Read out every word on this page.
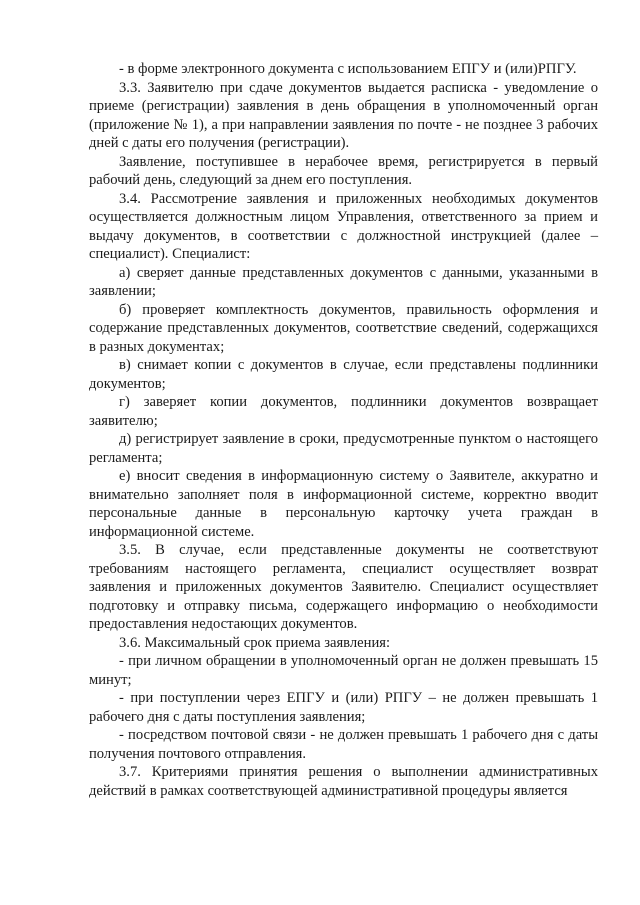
- в форме электронного документа с использованием ЕПГУ и (или)РПГУ.

3.3. Заявителю при сдаче документов выдается расписка - уведомление о приеме (регистрации) заявления в день обращения в уполномоченный орган (приложение № 1), а при направлении заявления по почте - не позднее 3 рабочих дней с даты его получения (регистрации).

Заявление, поступившее в нерабочее время, регистрируется в первый рабочий день, следующий за днем его поступления.

3.4. Рассмотрение заявления и приложенных необходимых документов осуществляется должностным лицом Управления, ответственного за прием и выдачу документов, в соответствии с должностной инструкцией (далее – специалист). Специалист:

а) сверяет данные представленных документов с данными, указанными в заявлении;

б) проверяет комплектность документов, правильность оформления и содержание представленных документов, соответствие сведений, содержащихся в разных документах;

в) снимает копии с документов в случае, если представлены подлинники документов;

г) заверяет копии документов, подлинники документов возвращает заявителю;

д) регистрирует заявление в сроки, предусмотренные пунктом о настоящего регламента;

е) вносит сведения в информационную систему о Заявителе, аккуратно и внимательно заполняет поля в информационной системе, корректно вводит персональные данные в персональную карточку учета граждан в информационной системе.

3.5. В случае, если представленные документы не соответствуют требованиям настоящего регламента, специалист осуществляет возврат заявления и приложенных документов Заявителю. Специалист осуществляет подготовку и отправку письма, содержащего информацию о необходимости предоставления недостающих документов.

3.6. Максимальный срок приема заявления:

- при личном обращении в уполномоченный орган не должен превышать 15 минут;

- при поступлении через ЕПГУ и (или) РПГУ – не должен превышать 1 рабочего дня с даты поступления заявления;

- посредством почтовой связи - не должен превышать 1 рабочего дня с даты получения почтового отправления.

3.7. Критериями принятия решения о выполнении административных действий в рамках соответствующей административной процедуры является
